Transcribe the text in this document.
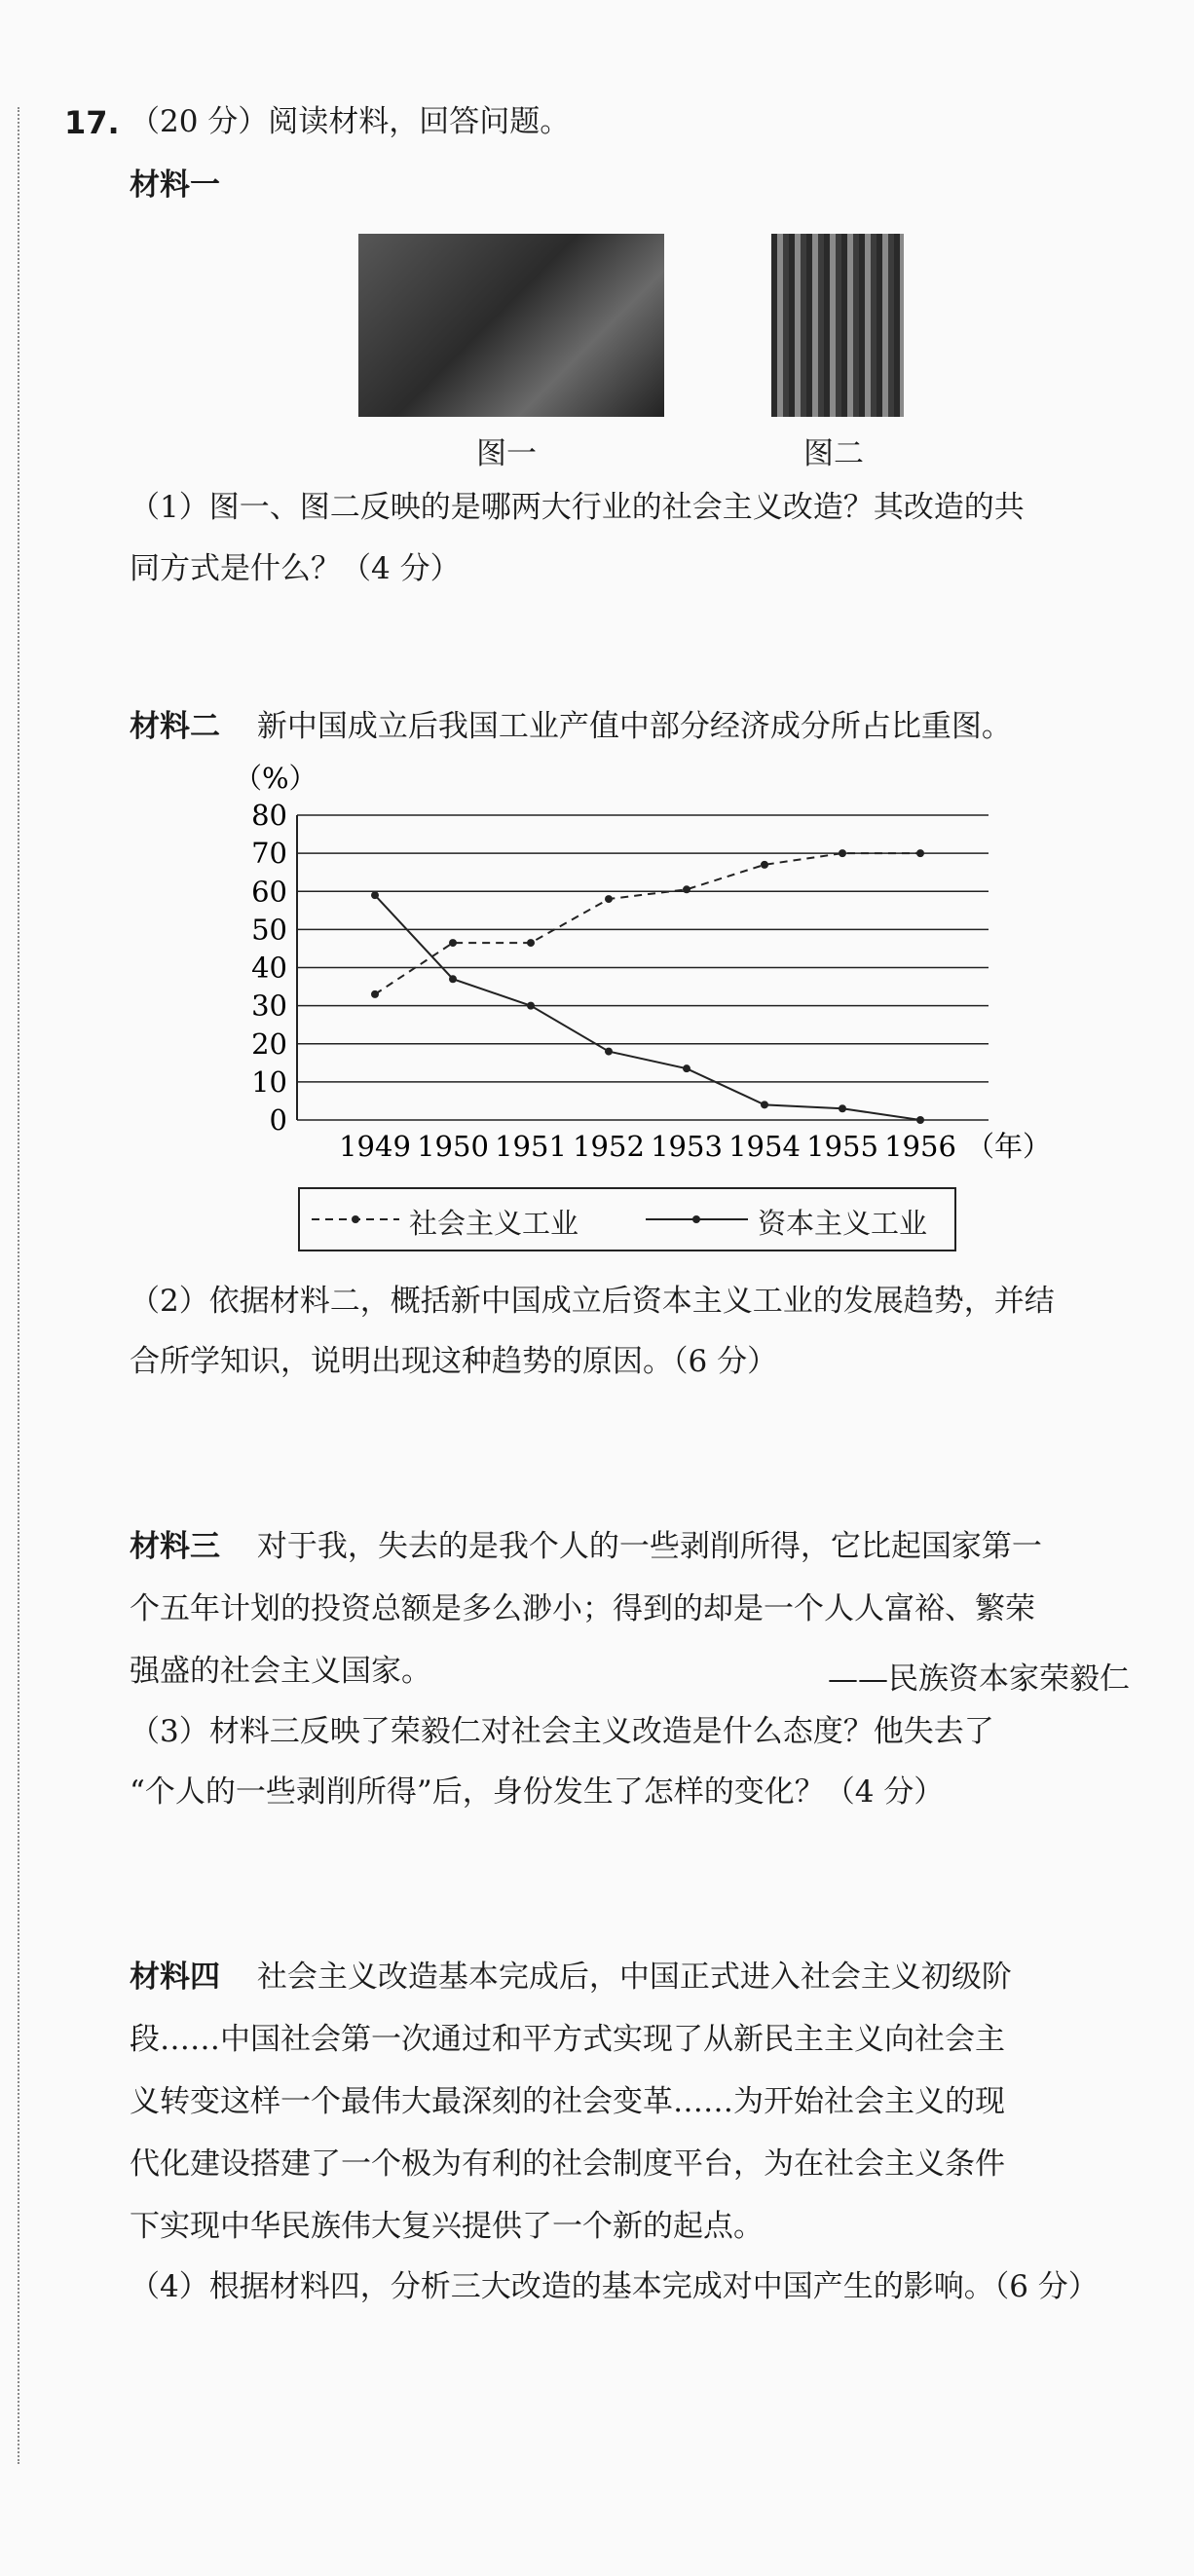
17. （20 分）阅读材料，回答问题。
材料一
图一	图二
（1）图一、图二反映的是哪两大行业的社会主义改造？其改造的共
同方式是什么？（4 分）
材料二 新中国成立后我国工业产值中部分经济成分所占比重图。
0
10
20
30
40
50
60
70
80
1949 1950 1951 1952 1953 1954 1955 1956
（%）
（年）
社会主义工业	资本主义工业
（2）依据材料二，概括新中国成立后资本主义工业的发展趋势，并结
合所学知识，说明出现这种趋势的原因。（6 分）
材料三 对于我，失去的是我个人的一些剥削所得，它比起国家第一
个五年计划的投资总额是多么渺小；得到的却是一个人人富裕、繁荣
强盛的社会主义国家。	——民族资本家荣毅仁
（3）材料三反映了荣毅仁对社会主义改造是什么态度？他失去了
“个人的一些剥削所得”后，身份发生了怎样的变化？（4 分）
材料四 社会主义改造基本完成后，中国正式进入社会主义初级阶
段……中国社会第一次通过和平方式实现了从新民主主义向社会主
义转变这样一个最伟大最深刻的社会变革……为开始社会主义的现
代化建设搭建了一个极为有利的社会制度平台，为在社会主义条件
下实现中华民族伟大复兴提供了一个新的起点。
（4）根据材料四，分析三大改造的基本完成对中国产生的影响。（6 分）
